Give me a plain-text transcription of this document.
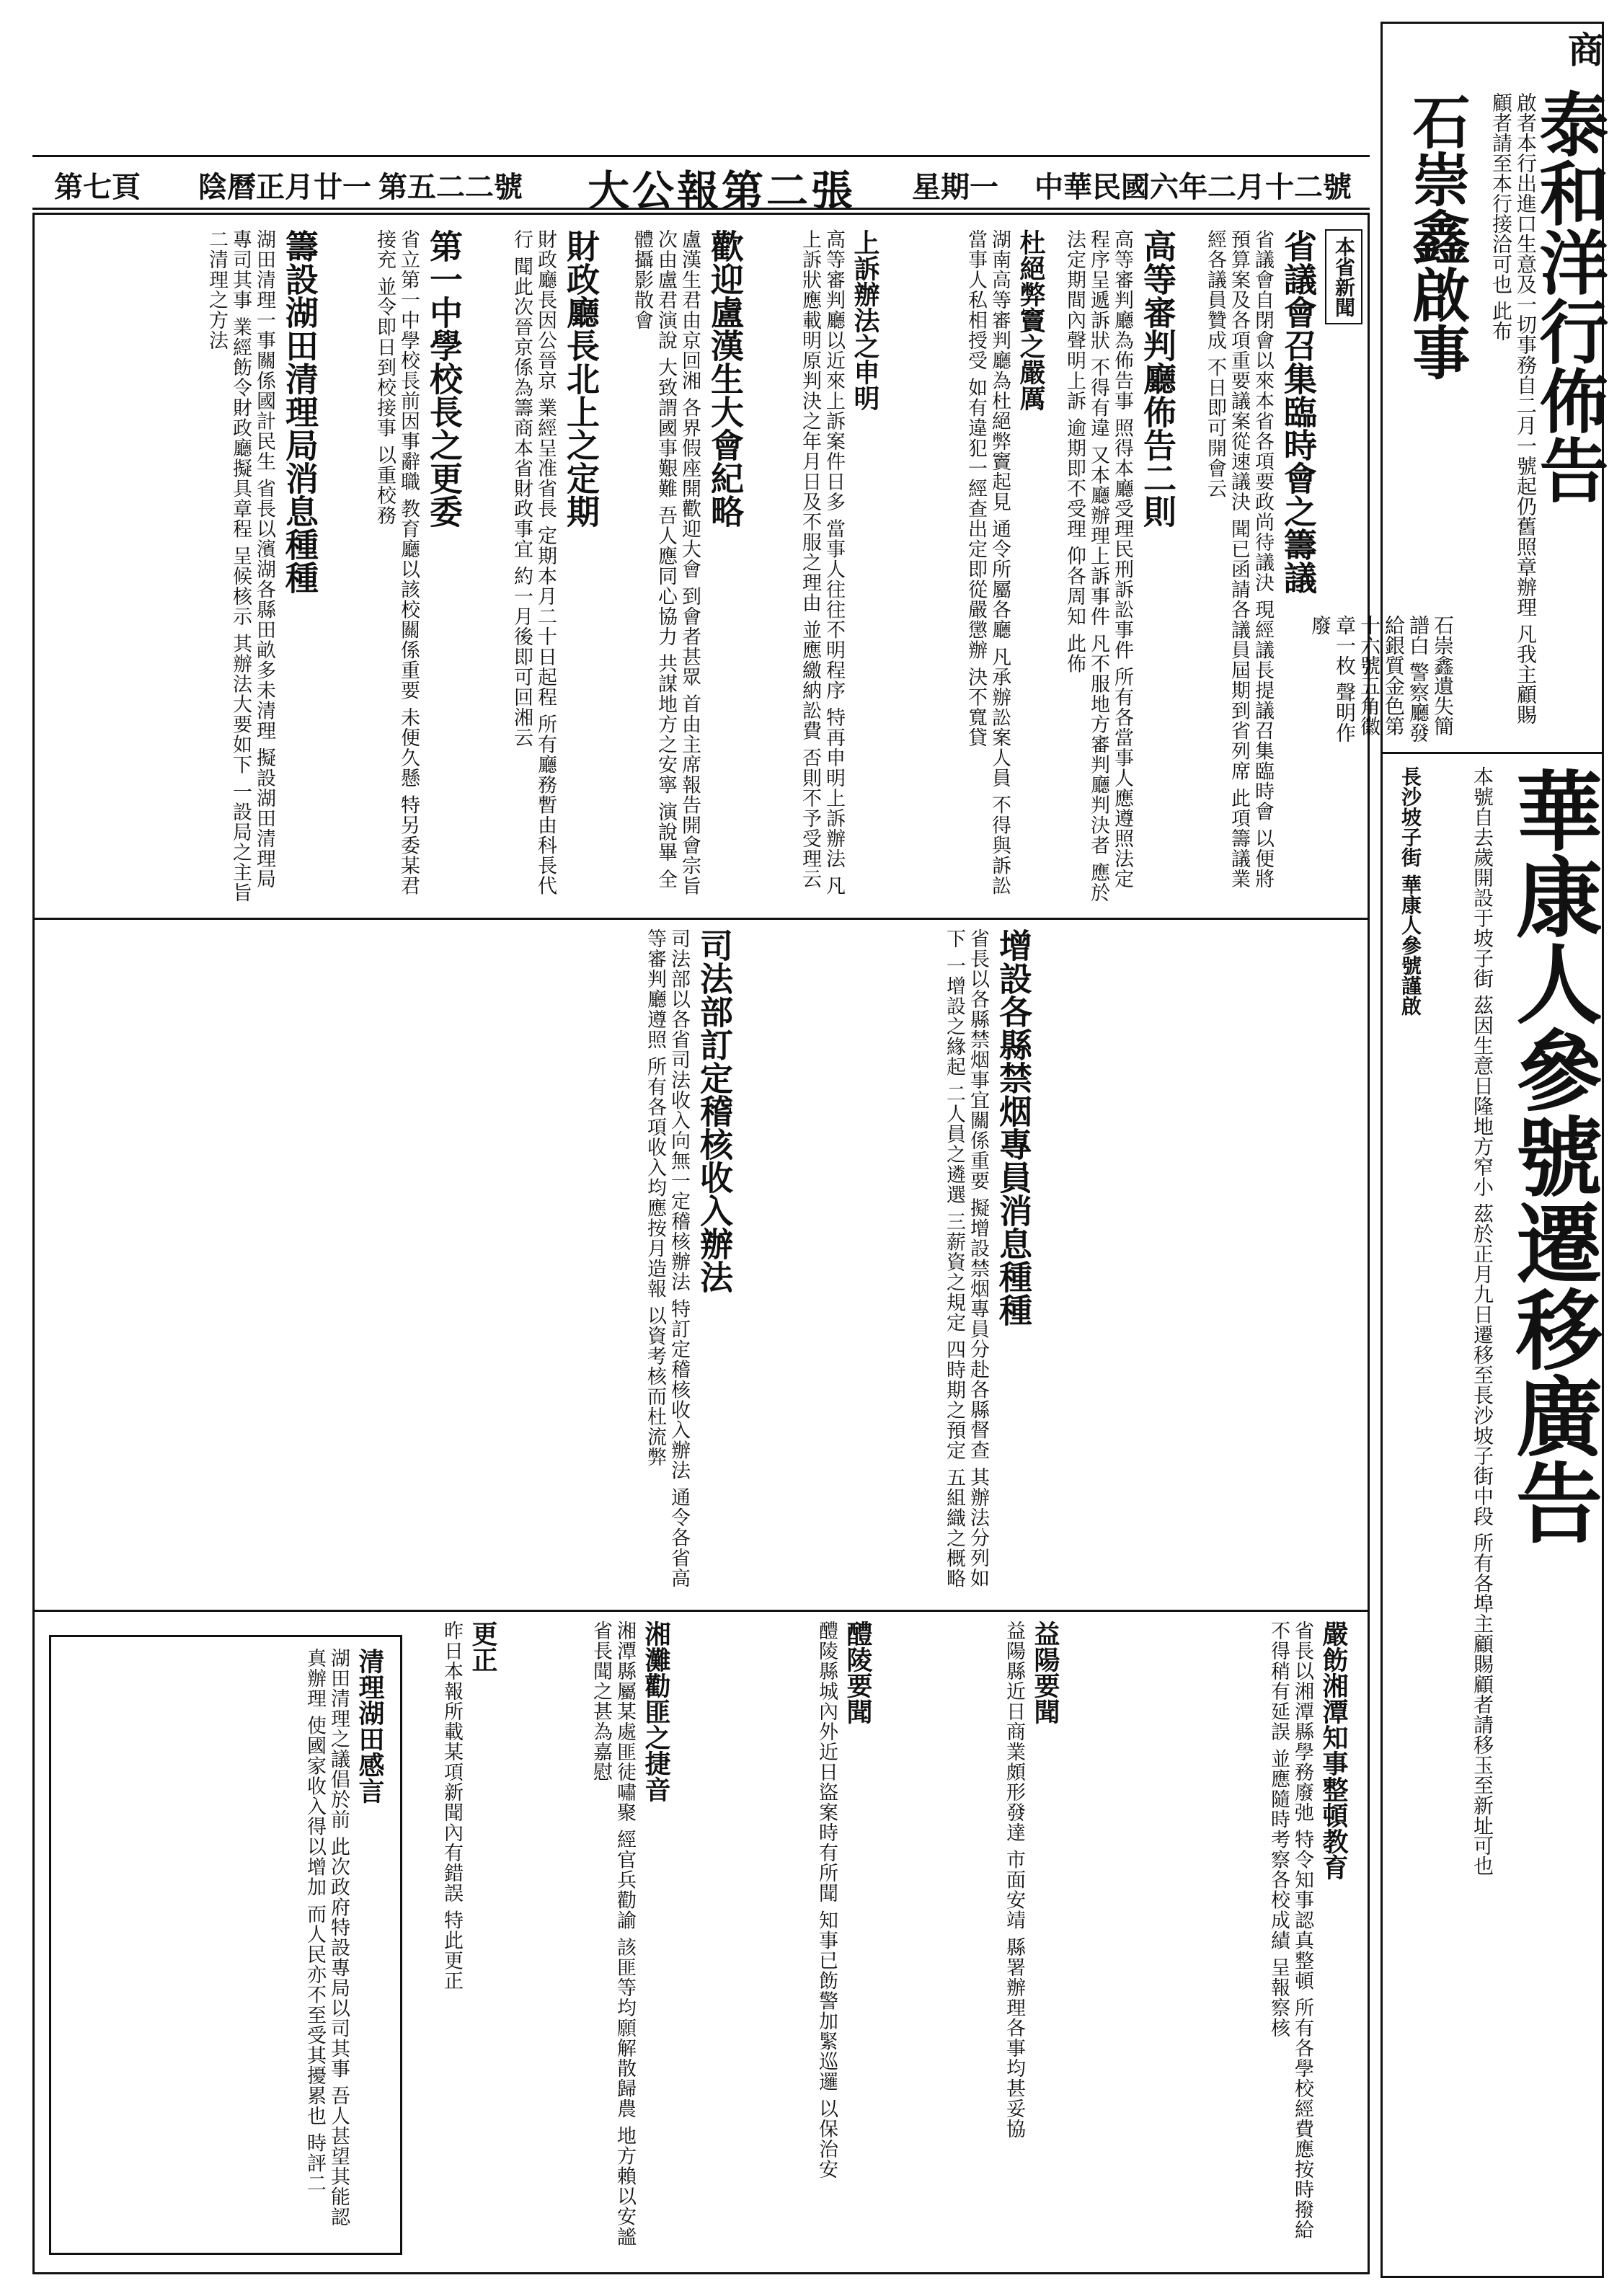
第七頁 陰曆正月廿一 第五二二號 大公報第二張 星期一 中華民國六年二月十二號
本省新聞
省議會召集臨時會之籌議
省議會自閉會以來本省各項要政尚待議決 現經議長提議召集臨時會 以便將預算案及各項重要議案從速議決 聞已函請各議員屆期到省列席 此項籌議業經各議員贊成 不日即可開會云
高等審判廳佈告二則
高等審判廳為佈告事 照得本廳受理民刑訴訟事件 所有各當事人應遵照法定程序呈遞訴狀 不得有違 又本廳辦理上訴事件 凡不服地方審判廳判決者 應於法定期間內聲明上訴 逾期即不受理 仰各周知 此佈
杜絕弊竇之嚴厲
湖南高等審判廳為杜絕弊竇起見 通令所屬各廳 凡承辦訟案人員 不得與訴訟當事人私相授受 如有違犯一經查出定即從嚴懲辦 決不寬貸
上訴辦法之申明
高等審判廳以近來上訴案件日多 當事人往往不明程序 特再申明上訴辦法 凡上訴狀應載明原判決之年月日及不服之理由 並應繳納訟費 否則不予受理云
歡迎盧漢生大會紀略
盧漢生君由京回湘 各界假座開歡迎大會 到會者甚眾 首由主席報告開會宗旨 次由盧君演說 大致謂國事艱難 吾人應同心協力 共謀地方之安寧 演說畢 全體攝影散會
財政廳長北上之定期
財政廳長因公晉京 業經呈准省長 定期本月二十日起程 所有廳務暫由科長代行 聞此次晉京係為籌商本省財政事宜 約一月後即可回湘云
第一中學校長之更委
省立第一中學校長前因事辭職 教育廳以該校關係重要 未便久懸 特另委某君接充 並令即日到校接事 以重校務
籌設湖田清理局消息種種
湖田清理一事關係國計民生 省長以濱湖各縣田畝多未清理 擬設湖田清理局專司其事 業經飭令財政廳擬具章程 呈候核示 其辦法大要如下 一設局之主旨 二清理之方法
增設各縣禁烟專員消息種種
省長以各縣禁烟事宜關係重要 擬增設禁烟專員分赴各縣督查 其辦法分列如下 一增設之緣起 二人員之遴選 三薪資之規定 四時期之預定 五組織之概略
司法部訂定稽核收入辦法
司法部以各省司法收入向無一定稽核辦法 特訂定稽核收入辦法 通令各省高等審判廳遵照 所有各項收入均應按月造報 以資考核而杜流弊
嚴飭湘潭知事整頓教育
省長以湘潭縣學務廢弛 特令知事認真整頓 所有各學校經費應按時撥給 不得稍有延誤 並應隨時考察各校成績 呈報察核
益陽要聞
益陽縣近日商業頗形發達 市面安靖 縣署辦理各事均甚妥協
醴陵要聞
醴陵縣城內外近日盜案時有所聞 知事已飭警加緊巡邏 以保治安
湘灘勸匪之捷音
湘潭縣屬某處匪徒嘯聚 經官兵勸諭 該匪等均願解散歸農 地方賴以安謐 省長聞之甚為嘉慰
更正
昨日本報所載某項新聞內有錯誤 特此更正
清理湖田感言
湖田清理之議倡於前 此次政府特設專局以司其事 吾人甚望其能認真辦理 使國家收入得以增加 而人民亦不至受其擾累也 時評二
商
泰和洋行佈告
啟者本行出進口生意及一切事務自二月一號起仍舊照章辦理 凡我主顧賜顧者請至本行接洽可也 此布
石崇鑫啟事
石崇鑫遺失簡譜白 警察廳發給銀質金色第十六號五角徽章一枚 聲明作廢
華康人參號遷移廣告
本號自去歲開設于坡子街 茲因生意日隆地方窄小 茲於正月九日遷移至長沙坡子街中段 所有各埠主顧賜顧者請移玉至新址可也
長沙坡子街 華康人參號謹啟
